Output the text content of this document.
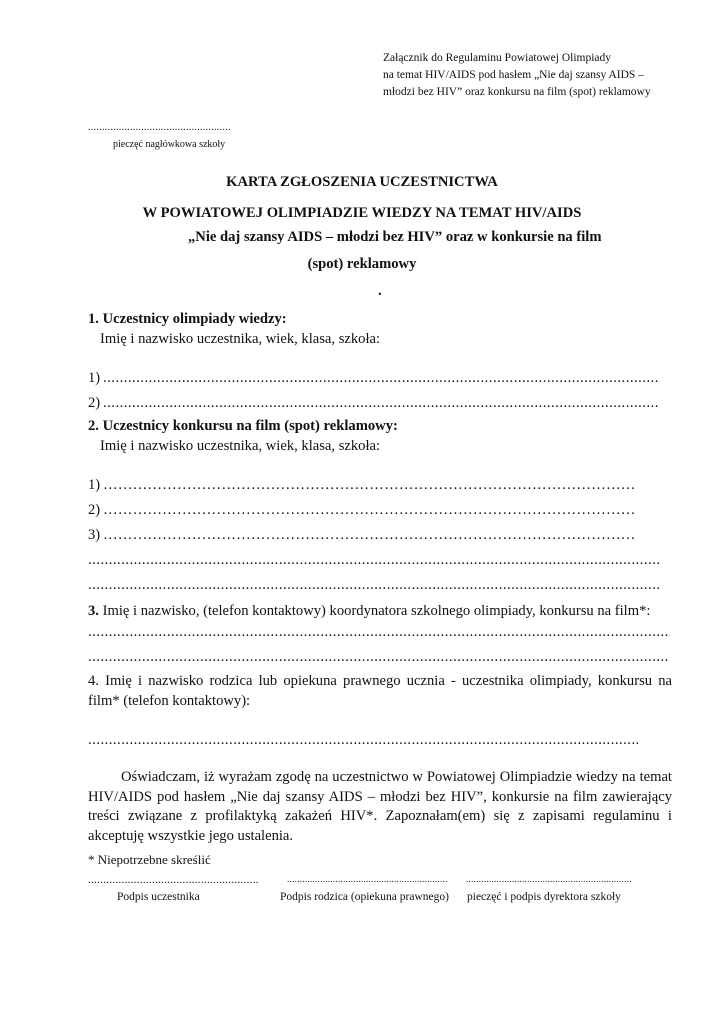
Załącznik do Regulaminu Powiatowej Olimpiady
na temat HIV/AIDS pod hasłem „Nie daj szansy AIDS –
młodzi bez HIV” oraz konkursu na film (spot) reklamowy
...................................................
pieczęć nagłówkowa szkoły
KARTA ZGŁOSZENIA UCZESTNICTWA
W POWIATOWEJ OLIMPIADZIE WIEDZY NA TEMAT HIV/AIDS
„Nie daj szansy AIDS – młodzi bez HIV” oraz w konkursie na film
(spot) reklamowy
.
1. Uczestnicy olimpiady wiedzy:
Imię i nazwisko uczestnika, wiek, klasa, szkoła:
1)
.....
2)
.....
2. Uczestnicy konkursu na film (spot) reklamowy:
Imię i nazwisko uczestnika, wiek, klasa, szkoła:
1) ………………………………………………………………………………………………
2) ………………………………………………………………………………………………
3) ………………………………………………………………………………………………
.....
.....
3. Imię i nazwisko, (telefon kontaktowy) koordynatora szkolnego olimpiady, konkursu na film*:
.....
.....
4. Imię i nazwisko rodzica lub opiekuna prawnego ucznia - uczestnika olimpiady, konkursu na film* (telefon kontaktowy):
.....
Oświadczam, iż wyrażam zgodę na uczestnictwo w Powiatowej Olimpiadzie wiedzy na temat HIV/AIDS pod hasłem „Nie daj szansy AIDS – młodzi bez HIV”, konkursie na film zawierający treści związane z profilaktyką zakażeń HIV*. Zapoznałam(em) się z zapisami regulaminu i akceptuję wszystkie jego ustalenia.
* Niepotrzebne skreślić
.....
.....
.....
Podpis uczestnika	Podpis rodzica (opiekuna prawnego) pieczęć i podpis dyrektora szkoły
